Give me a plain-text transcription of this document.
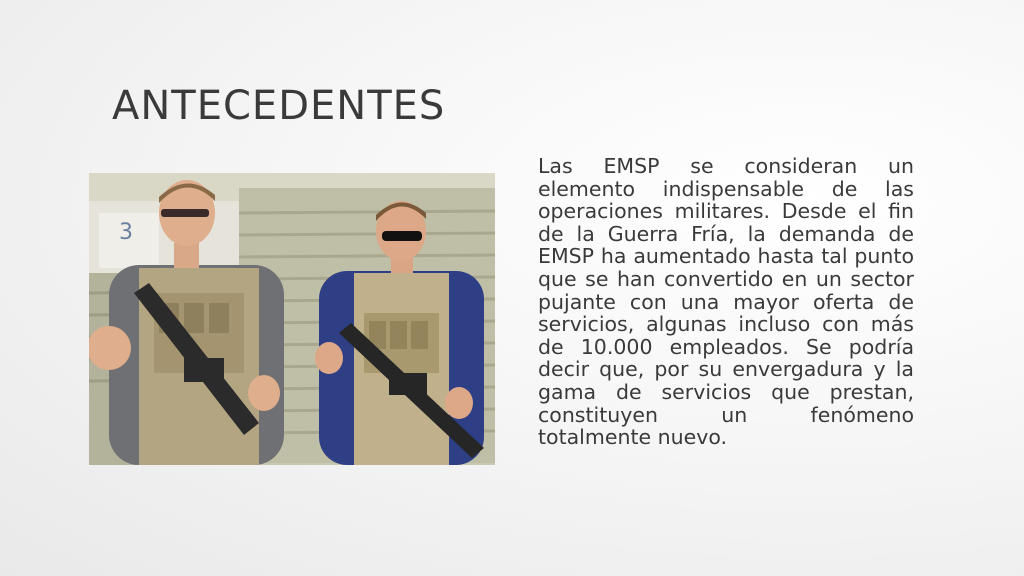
ANTECEDENTES
3

Las EMSP se consideran un elemento indispensable de las operaciones militares. Desde el fin de la Guerra Fría, la demanda de EMSP ha aumentado hasta tal punto que se han convertido en un sector pujante con una mayor oferta de servicios, algunas incluso con más de 10.000 empleados. Se podría decir que, por su envergadura y la gama de servicios que prestan, constituyen un fenómeno totalmente nuevo.
